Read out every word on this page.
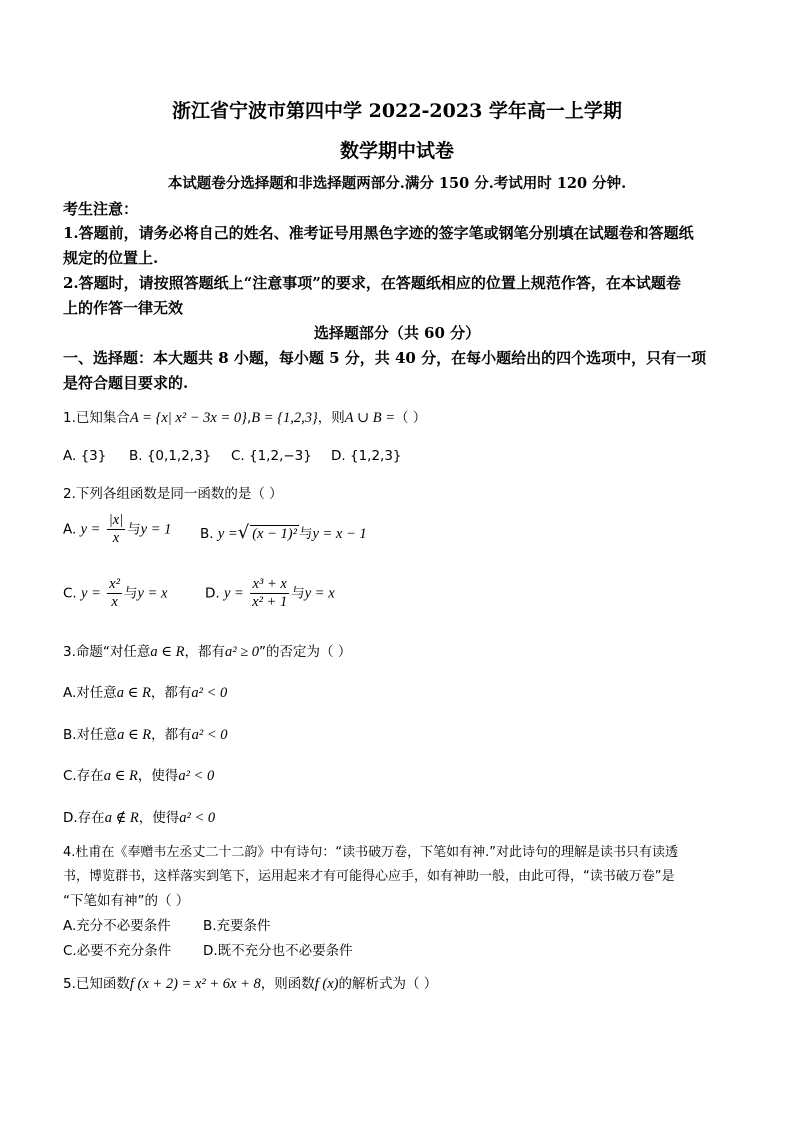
浙江省宁波市第四中学 2022-2023 学年高一上学期
数学期中试卷
本试题卷分选择题和非选择题两部分.满分 150 分.考试用时 120 分钟.
考生注意：
1.答题前，请务必将自己的姓名、准考证号用黑色字迹的签字笔或钢笔分别填在试题卷和答题纸
规定的位置上.
2.答题时，请按照答题纸上“注意事项”的要求，在答题纸相应的位置上规范作答，在本试题卷
上的作答一律无效
选择题部分（共 60 分）
一、选择题：本大题共 8 小题，每小题 5 分，共 40 分，在每小题给出的四个选项中，只有一项
是符合题目要求的.
1.已知集合A = {x| x² − 3x = 0},B = {1,2,3}，则A ∪ B =（ ）
A. {3} B. {0,1,2,3} C. {1,2,−3} D. {1,2,3}
2.下列各组函数是同一函数的是（ ）
A. $y = \frac{|x|}{x}$ 与y = 1 B. y =√ (x − 1)² 与y = x − 1
C. $y = \frac{\text{x²}}{x}$ 与y = x	D. $y = \frac{\text{x³ + x}}{\text{x² + 1}}$ 与y = x
3.命题“对任意a ∈ R，都有a² ≥ 0”的否定为（ ）
A.对任意a ∈ R，都有a² < 0
B.对任意a ∈ R，都有a² < 0
C.存在a ∈ R，使得a² < 0
D.存在a ∉ R，使得a² < 0
4.杜甫在《奉赠韦左丞丈二十二韵》中有诗句：“读书破万卷，下笔如有神.”对此诗句的理解是读书只有读透
书，博览群书，这样落实到笔下，运用起来才有可能得心应手，如有神助一般，由此可得，“读书破万卷”是
“下笔如有神”的（ ）
A.充分不必要条件 B.充要条件
C.必要不充分条件 D.既不充分也不必要条件
5.已知函数f (x + 2) = x² + 6x + 8，则函数f (x)的解析式为（ ）
